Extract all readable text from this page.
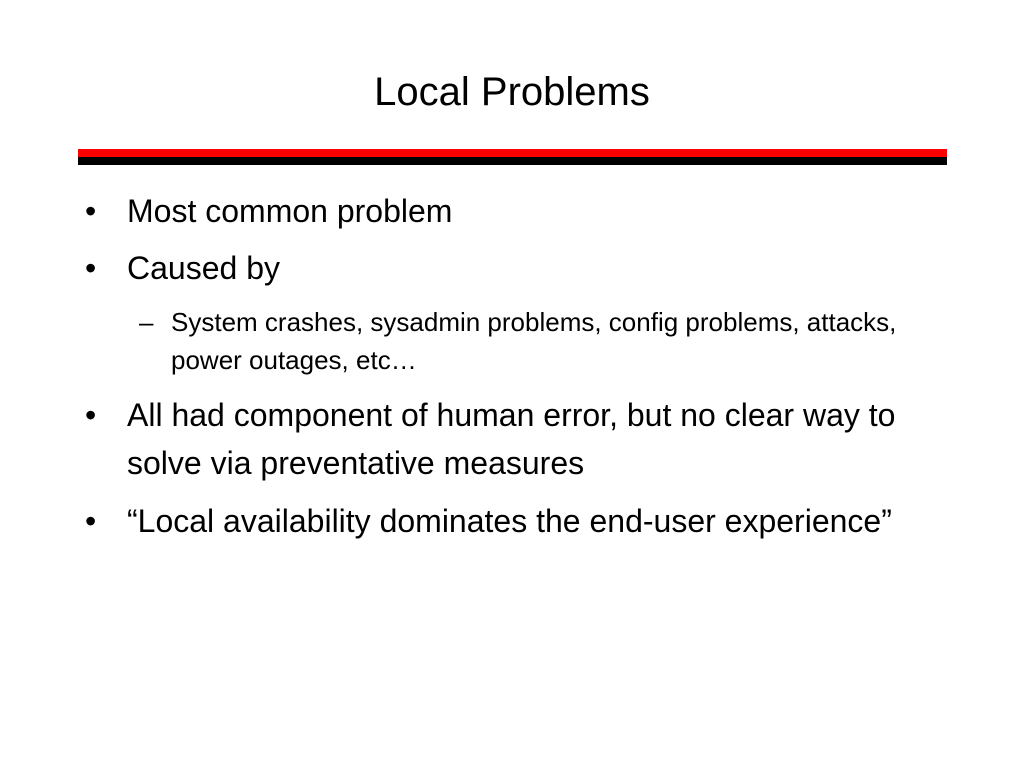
Local Problems
• Most common problem
• Caused by
– System crashes, sysadmin problems, config problems, attacks, power outages, etc…
• All had component of human error, but no clear way to solve via preventative measures
• “Local availability dominates the end-user experience”
